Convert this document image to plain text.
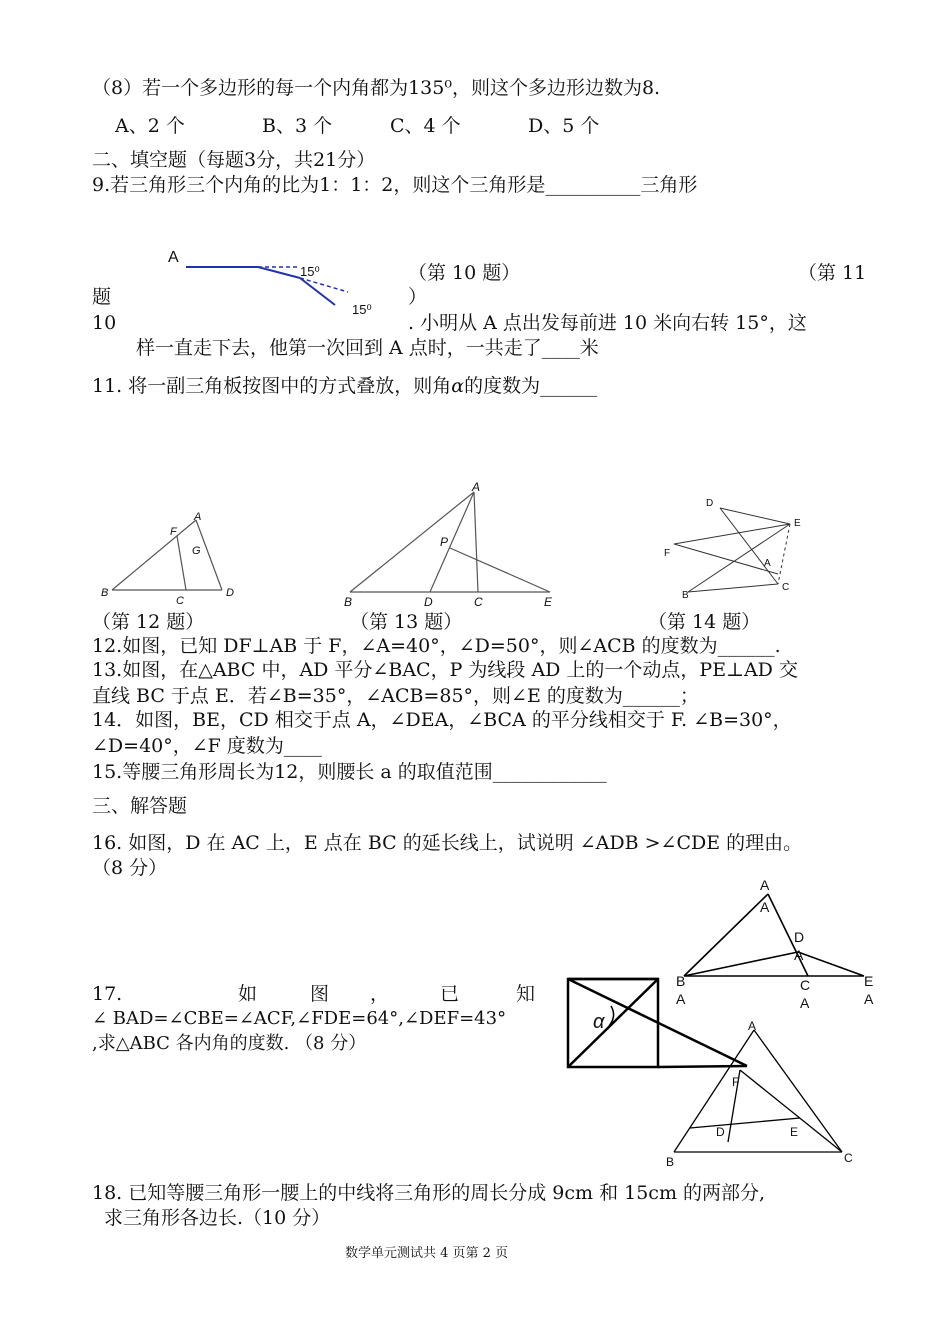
（8）若一个多边形的每一个内角都为135⁰，则这个多边形边数为8.
A、2 个	B、3 个	C、4 个	D、5 个
二、填空题（每题3分，共21分）
9.若三角形三个内角的比为1：1：2，则这个三角形是__________三角形
A
15⁰
15⁰
（第 10 题）	（第 11
）
题
10	. 小明从 A 点出发每前进 10 米向右转 15°，这
样一直走下去，他第一次回到 A 点时，一共走了____米
11. 将一副三角板按图中的方式叠放，则角α的度数为______
A
F
G
B
C
D
A
P
B	D	C	E
D
E
F
A
B
C
（第 12 题）	（第 13 题）	（第 14 题）
12.如图，已知 DF⊥AB 于 F，∠A=40°，∠D=50°，则∠ACB 的度数为______.
13.如图，在△ABC 中，AD 平分∠BAC，P 为线段 AD 上的一个动点，PE⊥AD 交
直线 BC 于点 E．若∠B=35°，∠ACB=85°，则∠E 的度数为______；
14．如图，BE，CD 相交于点 A，∠DEA，∠BCA 的平分线相交于 F. ∠B=30°，
∠D=40°，∠F 度数为____
15.等腰三角形周长为12，则腰长 a 的取值范围____________
三、解答题
16. 如图，D 在 AC 上，E 点在 BC 的延长线上，试说明 ∠ADB >∠CDE 的理由。
（8 分）
A
A
D
A
B
A
C
A
E
A
17.	如	图 ，	已	知
∠ BAD=∠CBE=∠ACF,∠FDE=64°,∠DEF=43°
,求△ABC 各内角的度数. （8 分）
α	A
F
D	E
B	C
18. 已知等腰三角形一腰上的中线将三角形的周长分成 9cm 和 15cm 的两部分,
求三角形各边长.（10 分）
数学单元测试共 4 页第 2 页
